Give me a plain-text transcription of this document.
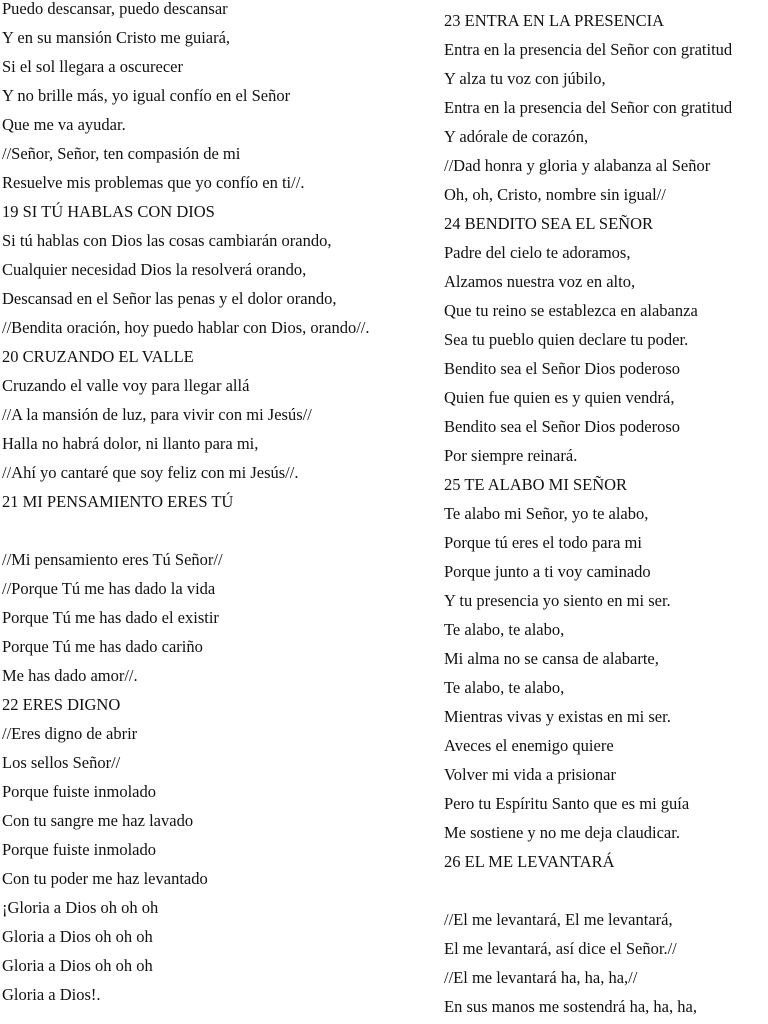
Puedo descansar, puedo descansar
Y en su mansión Cristo me guiará,
Si el sol llegara a oscurecer
Y no brille más, yo igual confío en el Señor
Que me va ayudar.
//Señor, Señor, ten compasión de mi
Resuelve mis problemas que yo confío en ti//.
19 SI TÚ HABLAS CON DIOS
Si tú hablas con Dios las cosas cambiarán orando,
Cualquier necesidad Dios la resolverá orando,
Descansad en el Señor las penas y el dolor orando,
//Bendita oración, hoy puedo hablar con Dios, orando//.
20 CRUZANDO EL VALLE
Cruzando el valle voy para llegar allá
//A la mansión de luz, para vivir con mi Jesús//
Halla no habrá dolor, ni llanto para mi,
//Ahí yo cantaré que soy feliz con mi Jesús//.
21 MI PENSAMIENTO ERES TÚ
//Mi pensamiento eres Tú Señor//
//Porque Tú me has dado la vida
Porque Tú me has dado el existir
Porque Tú me has dado cariño
Me has dado amor//.
22 ERES DIGNO
//Eres digno de abrir
Los sellos Señor//
Porque fuiste inmolado
Con tu sangre me haz lavado
Porque fuiste inmolado
Con tu poder me haz levantado
¡Gloria a Dios oh oh oh
Gloria a Dios oh oh oh
Gloria a Dios oh oh oh
Gloria a Dios!.
23 ENTRA EN LA PRESENCIA
Entra en la presencia del Señor con gratitud
Y alza tu voz con júbilo,
Entra en la presencia del Señor con gratitud
Y adórale de corazón,
//Dad honra y gloria y alabanza al Señor
Oh, oh, Cristo, nombre sin igual//
24 BENDITO SEA EL SEÑOR
Padre del cielo te adoramos,
Alzamos nuestra voz en alto,
Que tu reino se establezca en alabanza
Sea tu pueblo quien declare tu poder.
Bendito sea el Señor Dios poderoso
Quien fue quien es y quien vendrá,
Bendito sea el Señor Dios poderoso
Por siempre reinará.
25 TE ALABO MI SEÑOR
Te alabo mi Señor, yo te alabo,
Porque tú eres el todo para mi
Porque junto a ti voy caminado
Y tu presencia yo siento en mi ser.
Te alabo, te alabo,
Mi alma no se cansa de alabarte,
Te alabo, te alabo,
Mientras vivas y existas en mi ser.
Aveces el enemigo quiere
Volver mi vida a prisionar
Pero tu Espíritu Santo que es mi guía
Me sostiene y no me deja claudicar.
26 EL ME LEVANTARÁ
//El me levantará, El me levantará,
El me levantará, así dice el Señor.//
//El me levantará ha, ha, ha,//
En sus manos me sostendrá ha, ha, ha,
